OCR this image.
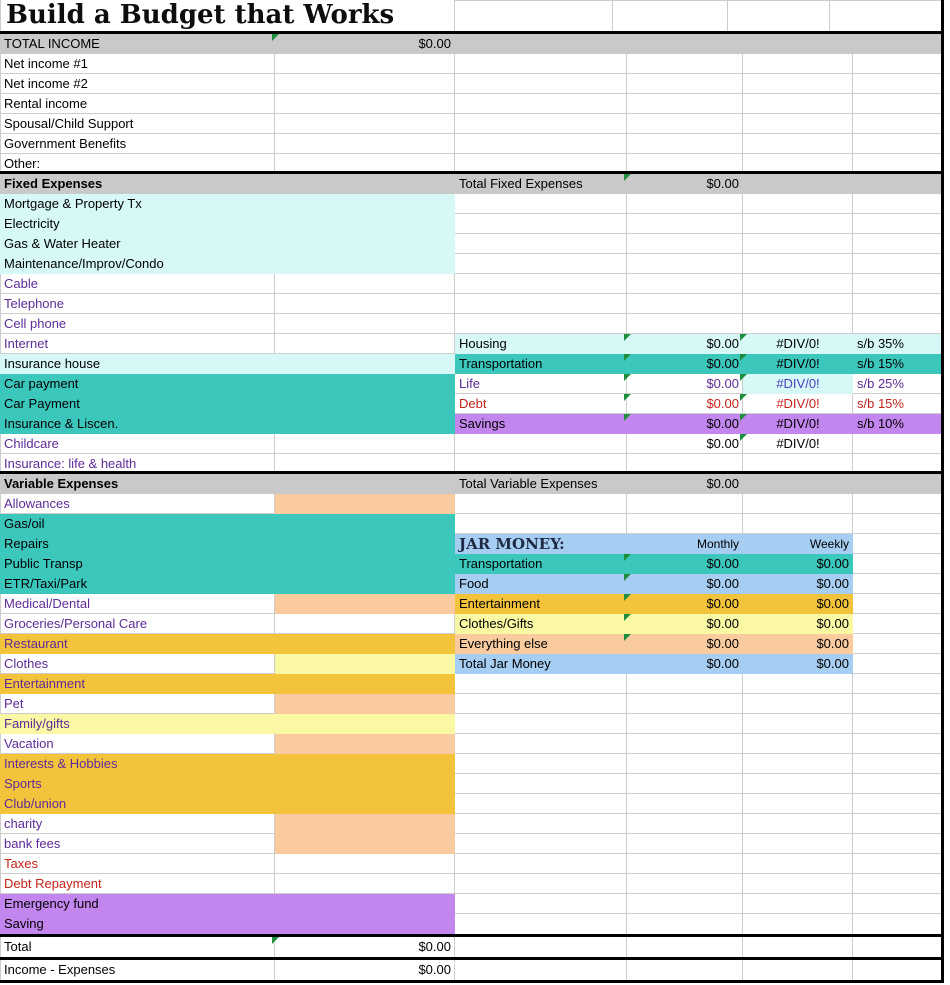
Build a Budget that Works
TOTAL INCOME	$0.00
Net income #1
Net income #2
Rental income
Spousal/Child Support
Government Benefits
Other:
Fixed Expenses	Total Fixed Expenses	$0.00
Mortgage & Property Tx
Electricity
Gas & Water Heater
Maintenance/Improv/Condo
Cable
Telephone
Cell phone
Internet	Housing	$0.00	#DIV/0!	s/b 35%
Insurance house	Transportation	$0.00	#DIV/0!	s/b 15%
Car payment	Life	$0.00	#DIV/0!	s/b 25%
Car Payment	Debt	$0.00	#DIV/0!	s/b 15%
Insurance & Liscen.	Savings	$0.00	#DIV/0!	s/b 10%
Childcare	$0.00	#DIV/0!
Insurance: life & health
Variable Expenses	Total Variable Expenses	$0.00
Allowances
Gas/oil
Repairs	JAR MONEY:	Monthly	Weekly
Public Transp	Transportation	$0.00	$0.00
ETR/Taxi/Park	Food	$0.00	$0.00
Medical/Dental	Entertainment	$0.00	$0.00
Groceries/Personal Care	Clothes/Gifts	$0.00	$0.00
Restaurant	Everything else	$0.00	$0.00
Clothes	Total Jar Money	$0.00	$0.00
Entertainment
Pet
Family/gifts
Vacation
Interests & Hobbies
Sports
Club/union
charity
bank fees
Taxes
Debt Repayment
Emergency fund
Saving
Total	$0.00
Income - Expenses	$0.00
